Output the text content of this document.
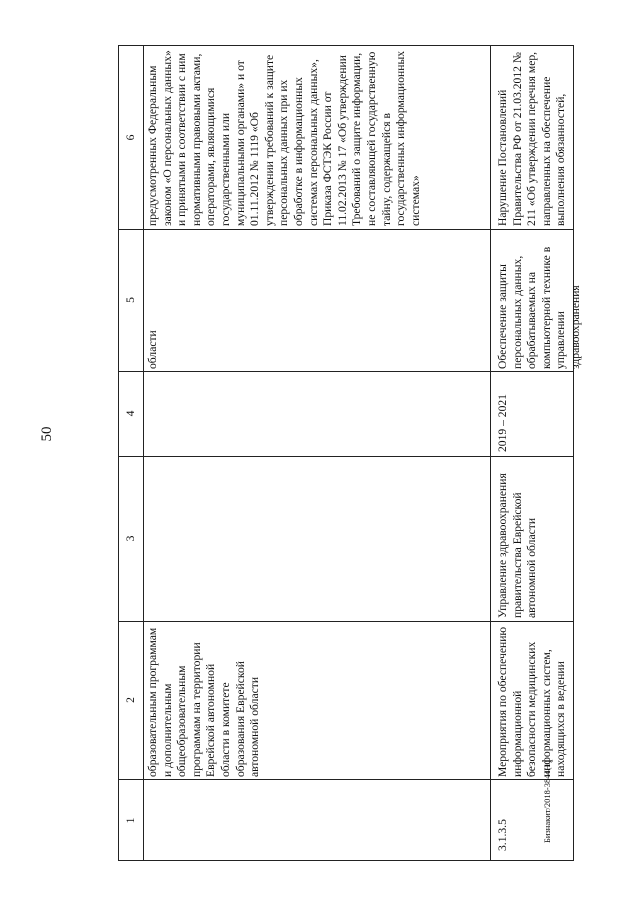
50
1
2
3
4
5
6
образовательным программам и дополнительным общеобразовательным программам на территории Еврейской автономной области в комитете образования Еврейской автономной области
области
предусмотренных Федеральным законом «О персональных данных» и принятыми в соответствии с ним нормативными правовыми актами, операторами, являющимися государственными или муниципальными органами» и от 01.11.2012 № 1119 «Об утверждении требований к защите персональных данных при их обработке в информационных системах персональных данных», Приказа ФСТЭК России от 11.02.2013 № 17 «Об утверждении Требований о защите информации, не составляющей государственную тайну, содержащейся в государственных информационных системах»
3.1.3.5
Мероприятия по обеспечению информационной безопасности медицинских информационных систем, находящихся в ведении
Управление здравоохранения правительства Еврейской автономной области
2019 – 2021
Обеспечение защиты персональных данных, обрабатываемых на компьютерной технике в управлении здравоохранения
Нарушение Постановлений Правительства РФ от 21.03.2012 № 211 «Об утверждении перечня мер, направленных на обеспечение выполнения обязанностей,
Бизнакит/2018-3844(1)
